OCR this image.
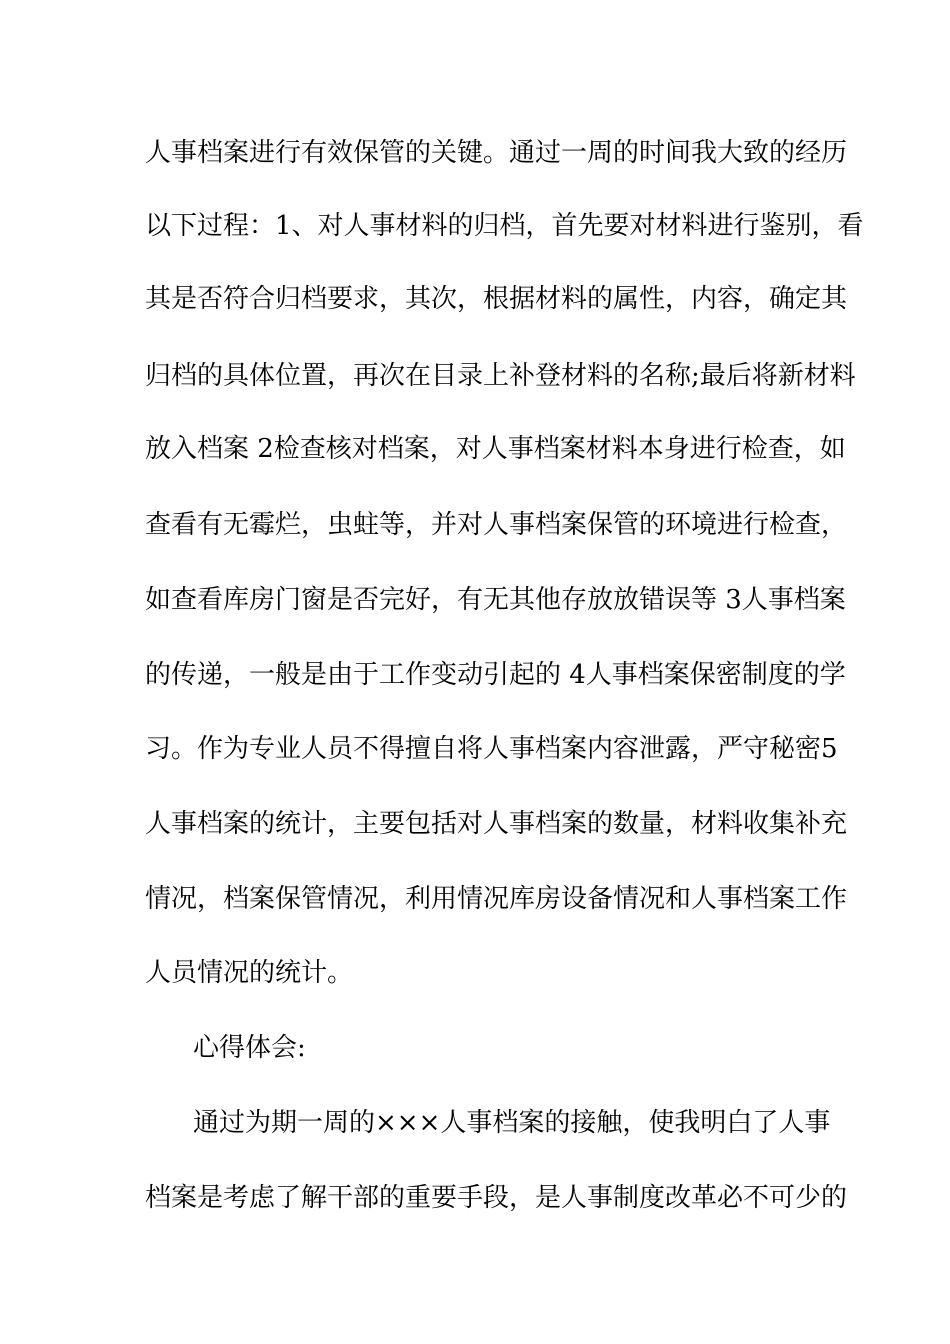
人事档案进行有效保管的关键。通过一周的时间我大致的经历
以下过程：1、对人事材料的归档，首先要对材料进行鉴别，看
其是否符合归档要求，其次，根据材料的属性，内容，确定其
归档的具体位置，再次在目录上补登材料的名称;最后将新材料
放入档案 2检查核对档案，对人事档案材料本身进行检查，如
查看有无霉烂，虫蛀等，并对人事档案保管的环境进行检查，
如查看库房门窗是否完好，有无其他存放放错误等 3人事档案
的传递，一般是由于工作变动引起的 4人事档案保密制度的学
习。作为专业人员不得擅自将人事档案内容泄露，严守秘密5
人事档案的统计，主要包括对人事档案的数量，材料收集补充
情况，档案保管情况，利用情况库房设备情况和人事档案工作
人员情况的统计。
心得体会:
通过为期一周的×××人事档案的接触，使我明白了人事
档案是考虑了解干部的重要手段，是人事制度改革必不可少的
